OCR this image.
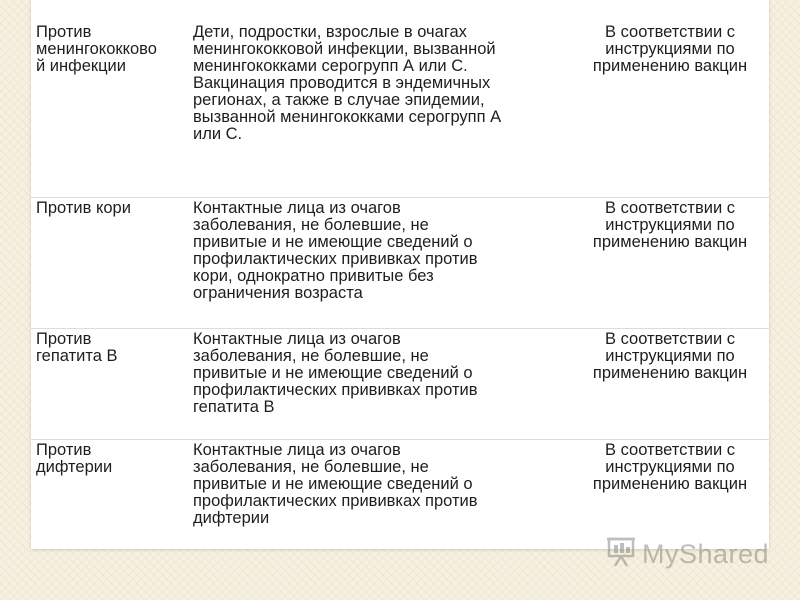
Против
менингококково
й инфекции
Дети, подростки, взрослые в очагах
менингококковой инфекции, вызванной
менингококками серогрупп А или С.
Вакцинация проводится в эндемичных
регионах, а также в случае эпидемии,
вызванной менингококками серогрупп А
или С.
В соответствии с
инструкциями по
применению вакцин
Против кори	Контактные лица из очагов
заболевания, не болевшие, не
привитые и не имеющие сведений о
профилактических прививках против
кори, однократно привитые без
ограничения возраста
В соответствии с
инструкциями по
применению вакцин
Против
гепатита В
Контактные лица из очагов
заболевания, не болевшие, не
привитые и не имеющие сведений о
профилактических прививках против
гепатита В
В соответствии с
инструкциями по
применению вакцин
Против
дифтерии
Контактные лица из очагов
заболевания, не болевшие, не
привитые и не имеющие сведений о
профилактических прививках против
дифтерии
В соответствии с
инструкциями по
применению вакцин
MyShared
